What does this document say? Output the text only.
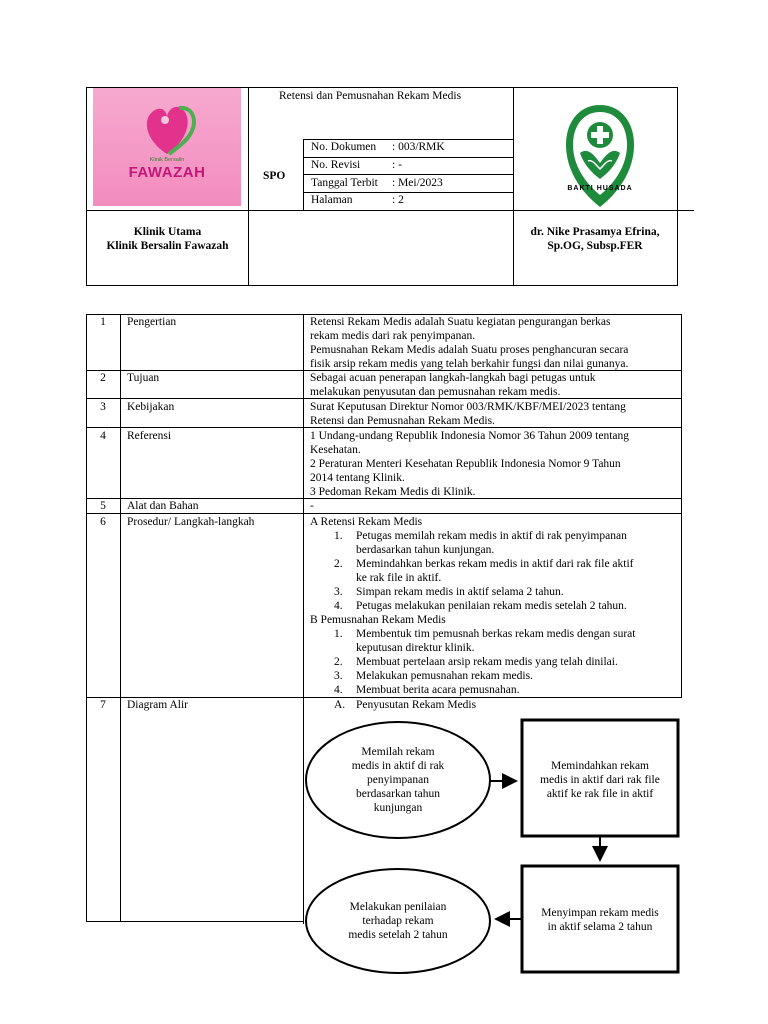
Klinik Bersalin
FAWAZAH
Retensi dan Pemusnahan Rekam Medis
SPO
No. Dokumen : 003/RMK
No. Revisi	: -
Tanggal Terbit : Mei/2023
Halaman	: 2
BAKTI HUSADA
Klinik Utama
Klinik Bersalin Fawazah
dr. Nike Prasamya Efrina,
Sp.OG, Subsp.FER
1	Pengertian	Retensi Rekam Medis adalah Suatu kegiatan pengurangan berkas
rekam medis dari rak penyimpanan.
Pemusnahan Rekam Medis adalah Suatu proses penghancuran secara
fisik arsip rekam medis yang telah berkahir fungsi dan nilai gunanya.
2	Tujuan	Sebagai acuan penerapan langkah-langkah bagi petugas untuk
melakukan penyusutan dan pemusnahan rekam medis.
3	Kebijakan	Surat Keputusan Direktur Nomor 003/RMK/KBF/MEI/2023 tentang
Retensi dan Pemusnahan Rekam Medis.
4	Referensi	1 Undang-undang Republik Indonesia Nomor 36 Tahun 2009 tentang
Kesehatan.
2 Peraturan Menteri Kesehatan Republik Indonesia Nomor 9 Tahun
2014 tentang Klinik.
3 Pedoman Rekam Medis di Klinik.
5	Alat dan Bahan	-
6	Prosedur/ Langkah-langkah	A Retensi Rekam Medis
1. Petugas memilah rekam medis in aktif di rak penyimpanan
berdasarkan tahun kunjungan.
2. Memindahkan berkas rekam medis in aktif dari rak file aktif
ke rak file in aktif.
3. Simpan rekam medis in aktif selama 2 tahun.
4. Petugas melakukan penilaian rekam medis setelah 2 tahun.
B Pemusnahan Rekam Medis
1. Membentuk tim pemusnah berkas rekam medis dengan surat
keputusan direktur klinik.
2. Membuat pertelaan arsip rekam medis yang telah dinilai.
3. Melakukan pemusnahan rekam medis.
4. Membuat berita acara pemusnahan.
7	Diagram Alir	A. Penyusutan Rekam Medis
Memilah rekam
medis in aktif di rak
penyimpanan
berdasarkan tahun
kunjungan
Memindahkan rekam
medis in aktif dari rak file
aktif ke rak file in aktif
Menyimpan rekam medis
in aktif selama 2 tahun
Melakukan penilaian
terhadap rekam
medis setelah 2 tahun
